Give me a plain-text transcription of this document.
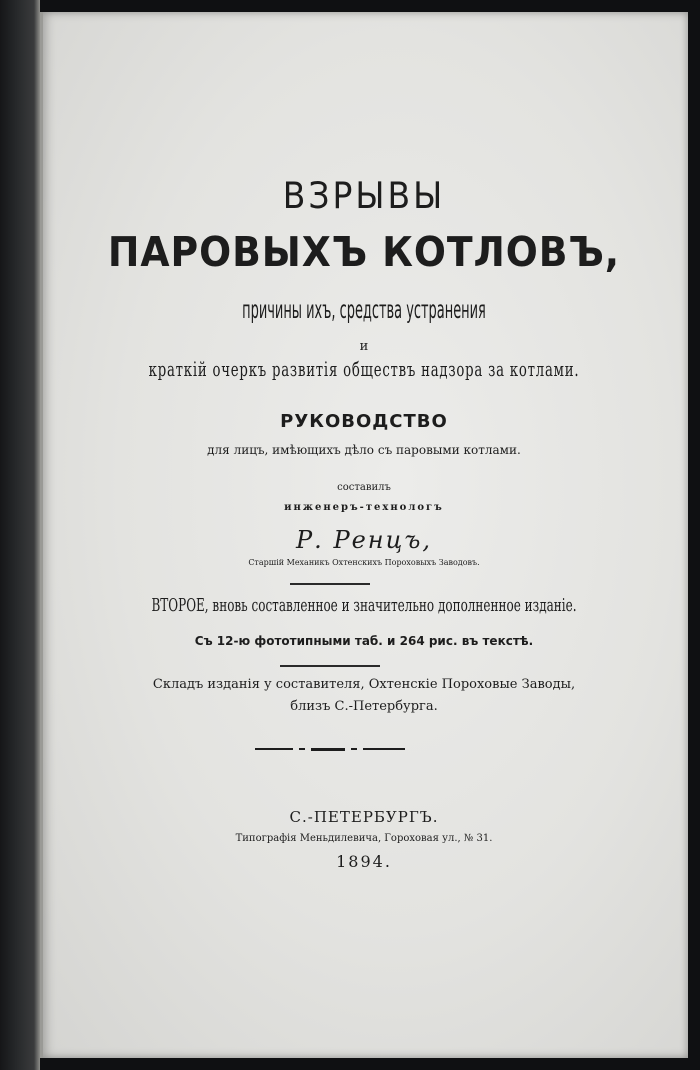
ВЗРЫВЫ

ПАРОВЫХЪ КОТЛОВЪ,

причины ихъ, средства устранения

и

краткій очеркъ развитія обществъ надзора за котлами.

РУКОВОДСТВО

для лицъ, имѣющихъ дѣло съ паровыми котлами.

составилъ

инженеръ-технологъ

Р. Ренцъ,

Старшій Механикъ Охтенскихъ Пороховыхъ Заводовъ.

ВТОРОЕ, вновь составленное и значительно дополненное изданіе.

Съ 12-ю фототипными таб. и 264 рис. въ текстѣ.

Складъ изданія у составителя, Охтенскіе Пороховые Заводы,

близъ С.-Петербурга.

С.-ПЕТЕРБУРГЪ.

Типографія Меньдилевича, Гороховая ул., № 31.

1894.
